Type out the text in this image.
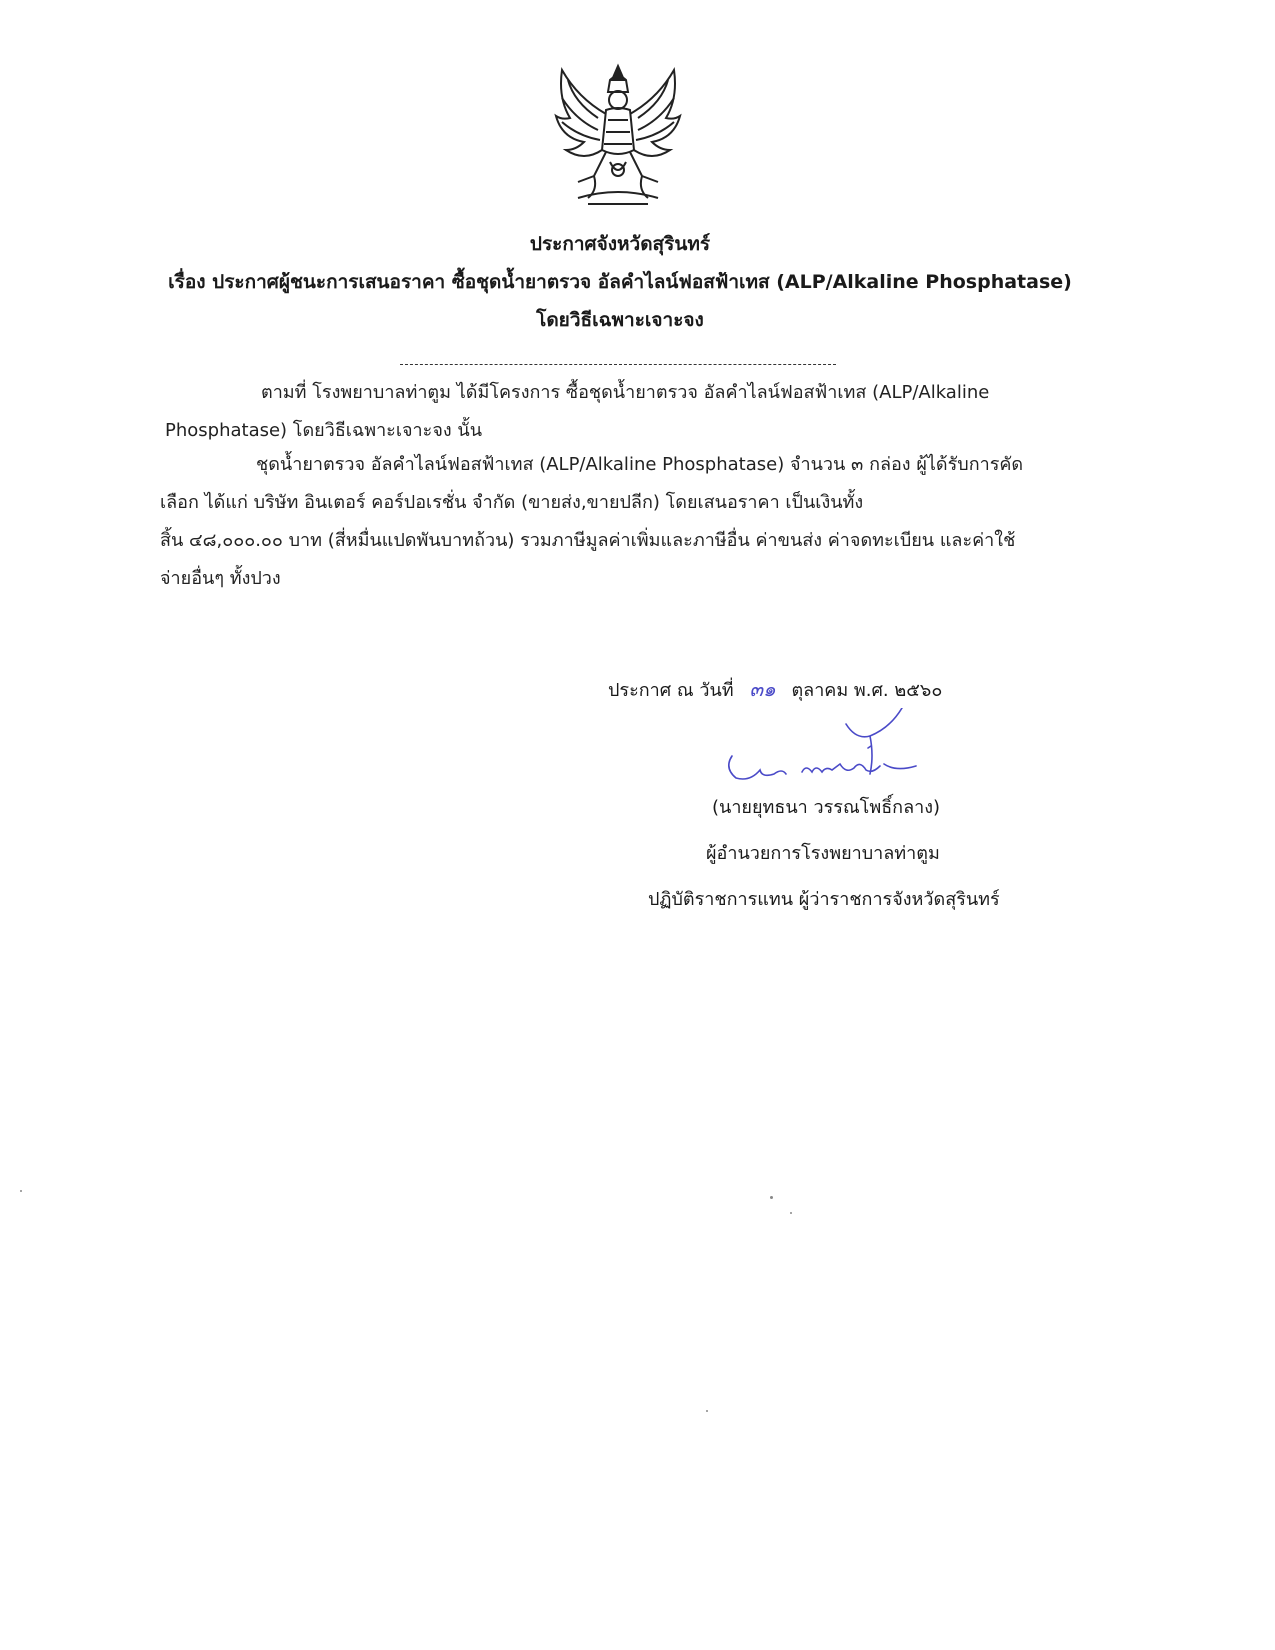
ประกาศจังหวัดสุรินทร์
เรื่อง ประกาศผู้ชนะการเสนอราคา ซื้อชุดน้ำยาตรวจ อัลคำไลน์ฟอสฟ้าเทส (ALP/Alkaline Phosphatase)
โดยวิธีเฉพาะเจาะจง
ตามที่ โรงพยาบาลท่าตูม ได้มีโครงการ ซื้อชุดน้ำยาตรวจ อัลคำไลน์ฟอสฟ้าเทส (ALP/Alkaline
Phosphatase) โดยวิธีเฉพาะเจาะจง นั้น
ชุดน้ำยาตรวจ อัลคำไลน์ฟอสฟ้าเทส (ALP/Alkaline Phosphatase) จำนวน ๓ กล่อง ผู้ได้รับการคัด
เลือก ได้แก่ บริษัท อินเตอร์ คอร์ปอเรชั่น จำกัด (ขายส่ง,ขายปลีก) โดยเสนอราคา เป็นเงินทั้ง
สิ้น ๔๘,๐๐๐.๐๐ บาท (สี่หมื่นแปดพันบาทถ้วน) รวมภาษีมูลค่าเพิ่มและภาษีอื่น ค่าขนส่ง ค่าจดทะเบียน และค่าใช้
จ่ายอื่นๆ ทั้งปวง
ประกาศ ณ วันที่ ๓๑ ตุลาคม พ.ศ. ๒๕๖๐
(นายยุทธนา วรรณโพธิ์กลาง)
ผู้อำนวยการโรงพยาบาลท่าตูม
ปฏิบัติราชการแทน ผู้ว่าราชการจังหวัดสุรินทร์
